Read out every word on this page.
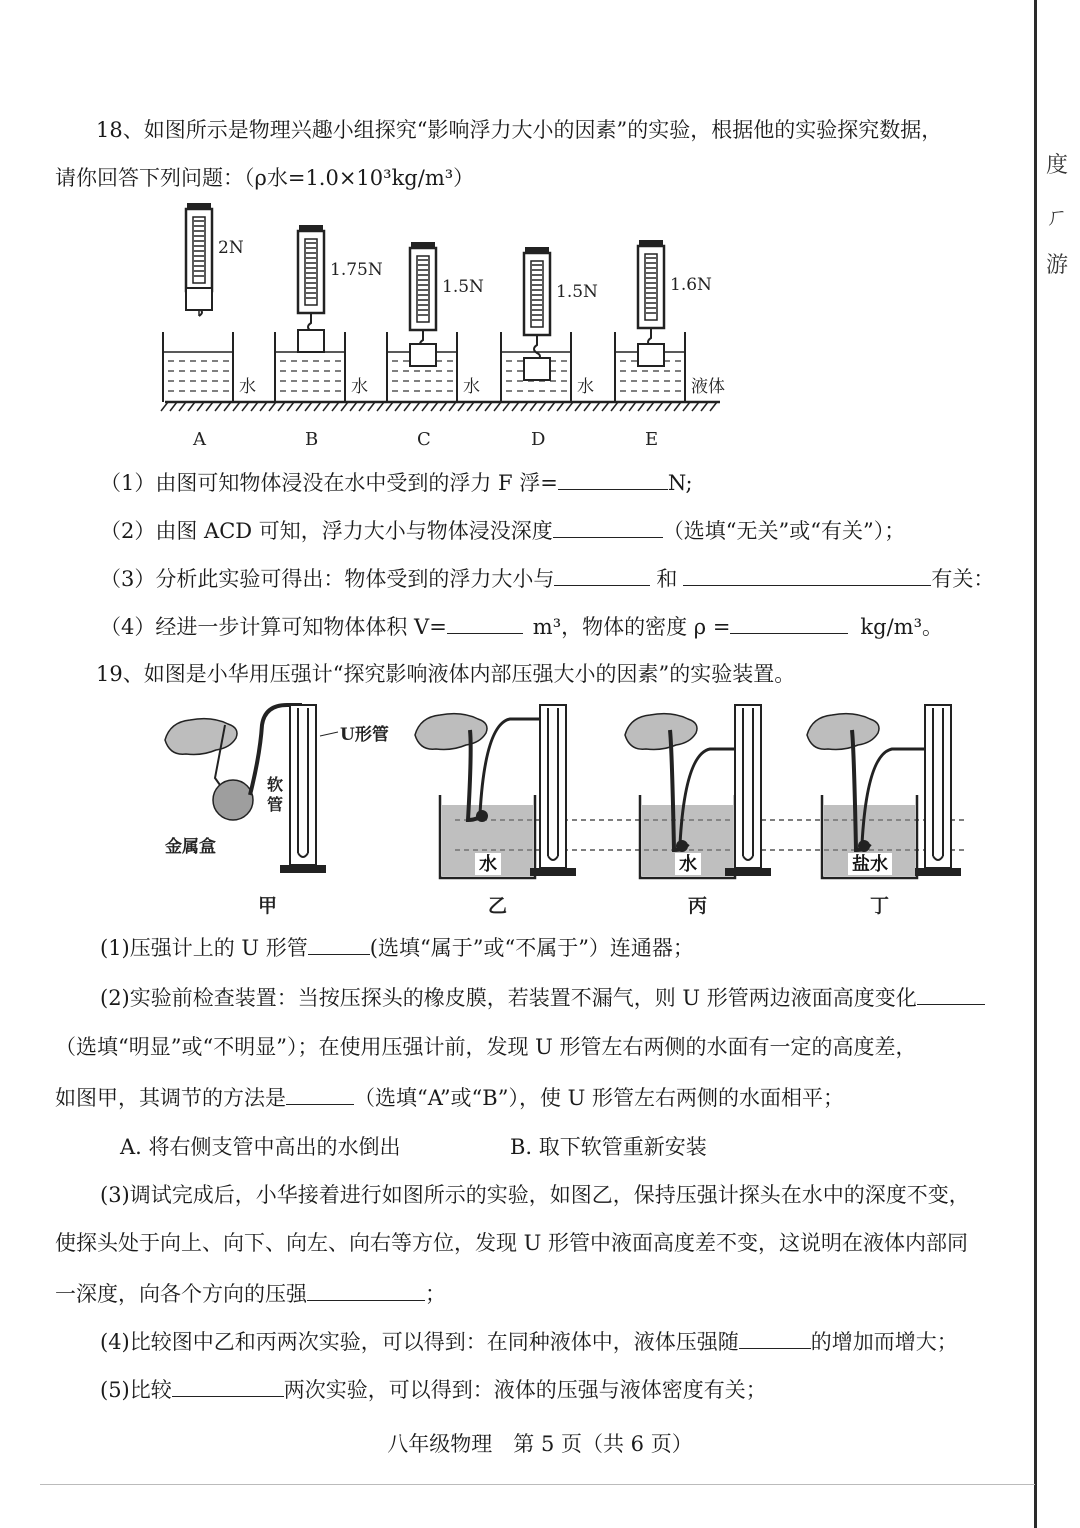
度
ㄏ
游
18、如图所示是物理兴趣小组探究“影响浮力大小的因素”的实验，根据他的实验探究数据，
请你回答下列问题：（ρ水=1.0×10³kg/m³）
2N
水
A
1.75N
水
B
1.5N
水
C
1.5N
水
D
1.6N
液体
E
（1）由图可知物体浸没在水中受到的浮力 F 浮=	N;
（2）由图 ACD 可知，浮力大小与物体浸没深度	（选填“无关”或“有关”）；
（3）分析此实验可得出：物体受到的浮力大小与	和	有关：
（4）经进一步计算可知物体体积 V=	m³，物体的密度 ρ =	kg/m³。
19、如图是小华用压强计“探究影响液体内部压强大小的因素”的实验装置。
U形管
软
管
金属盒
甲
水
乙
水
丙
盐水
丁
(1)压强计上的 U 形管	(选填“属于”或“不属于”）连通器；
(2)实验前检查装置：当按压探头的橡皮膜，若装置不漏气，则 U 形管两边液面高度变化
（选填“明显”或“不明显”）；在使用压强计前，发现 U 形管左右两侧的水面有一定的高度差，
如图甲，其调节的方法是	（选填“A”或“B”），使 U 形管左右两侧的水面相平；
A. 将右侧支管中高出的水倒出	B. 取下软管重新安装
(3)调试完成后，小华接着进行如图所示的实验，如图乙，保持压强计探头在水中的深度不变，
使探头处于向上、向下、向左、向右等方位，发现 U 形管中液面高度差不变，这说明在液体内部同
一深度，向各个方向的压强	；
(4)比较图中乙和丙两次实验，可以得到：在同种液体中，液体压强随	的增加而增大；
(5)比较	两次实验，可以得到：液体的压强与液体密度有关；
八年级物理　第 5 页（共 6 页）
